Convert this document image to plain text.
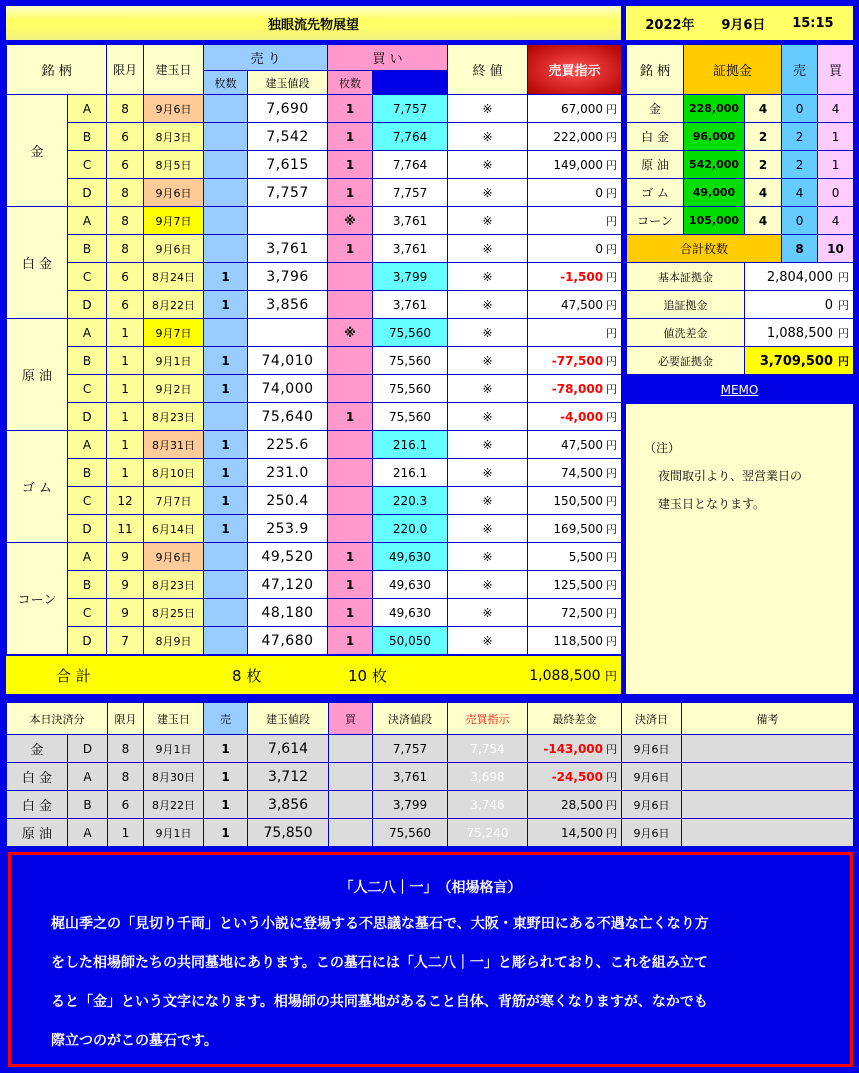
独眼流先物展望	2022年 9月6日 15:15
銘 柄		限月	建玉日	売 り		買 い		終 値	売買指示	
				枚数	建玉値段	枚数				
金	A	8	9月6日		7,690	1	7,757	※	67,000 円	
	B	6	8月3日		7,542	1	7,764	※	222,000 円	
	C	6	8月5日		7,615	1	7,764	※	149,000 円	
	D	8	9月6日		7,757	1	7,757	※	0 円	
白 金	A	8	9月7日			※	3,761	※	円	
	B	8	9月6日		3,761	1	3,761	※	0 円	
	C	6	8月24日	1	3,796		3,799	※	-1,500 円	
	D	6	8月22日	1	3,856		3,761	※	47,500 円	
原 油	A	1	9月7日			※	75,560	※	円	
	B	1	9月1日	1	74,010		75,560	※	-77,500 円	
	C	1	9月2日	1	74,000		75,560	※	-78,000 円	
	D	1	8月23日		75,640	1	75,560	※	-4,000 円	
ゴ ム	A	1	8月31日	1	225.6		216.1	※	47,500 円	
	B	1	8月10日	1	231.0		216.1	※	74,500 円	
	C	12	7月7日	1	250.4		220.3	※	150,500 円	
	D	11	6月14日	1	253.9		220.0	※	169,500 円	
コーン	A	9	9月6日		49,520	1	49,630	※	5,500 円	
	B	9	8月23日		47,120	1	49,630	※	125,500 円	
	C	9	8月25日		48,180	1	49,630	※	72,500 円	
	D	7	8月9日		47,680	1	50,050	※	118,500 円	
合 計	8 枚	10 枚	1,088,500 円
銘 柄	証拠金		売	買
金	228,000	4	0	4
白 金	96,000	2	2	1
原 油	542,000	2	2	1
ゴ ム	49,000	4	4	0
コーン	105,000	4	0	4
合計枚数			8	10
基本証拠金		2,804,000 円		
追証拠金		0 円		
値洗差金		1,088,500 円		
必要証拠金		3,709,500 円		
MEMO
（注）
夜間取引より、翌営業日の
建玉日となります。
本日決済分		限月	建玉日	売	建玉値段	買	決済値段	売買指示	最終差金	決済日	備考
金	D	8	9月1日	1	7,614		7,757	7,754	-143,000 円	9月6日	
白 金	A	8	8月30日	1	3,712		3,761	3,698	-24,500 円	9月6日	
白 金	B	6	8月22日	1	3,856		3,799	3,746	28,500 円	9月6日	
原 油	A	1	9月1日	1	75,850		75,560	75,240	14,500 円	9月6日	
「人二八｜一」　（相場格言）
梶山季之の「見切り千両」という小説に登場する不思議な墓石で、大阪・東野田にある不遇な亡くなり方
をした相場師たちの共同墓地にあります。この墓石には「人二八｜一」と彫られており、これを組み立て
ると「金」という文字になります。相場師の共同墓地があること自体、背筋が寒くなりますが、なかでも
際立つのがこの墓石です。
